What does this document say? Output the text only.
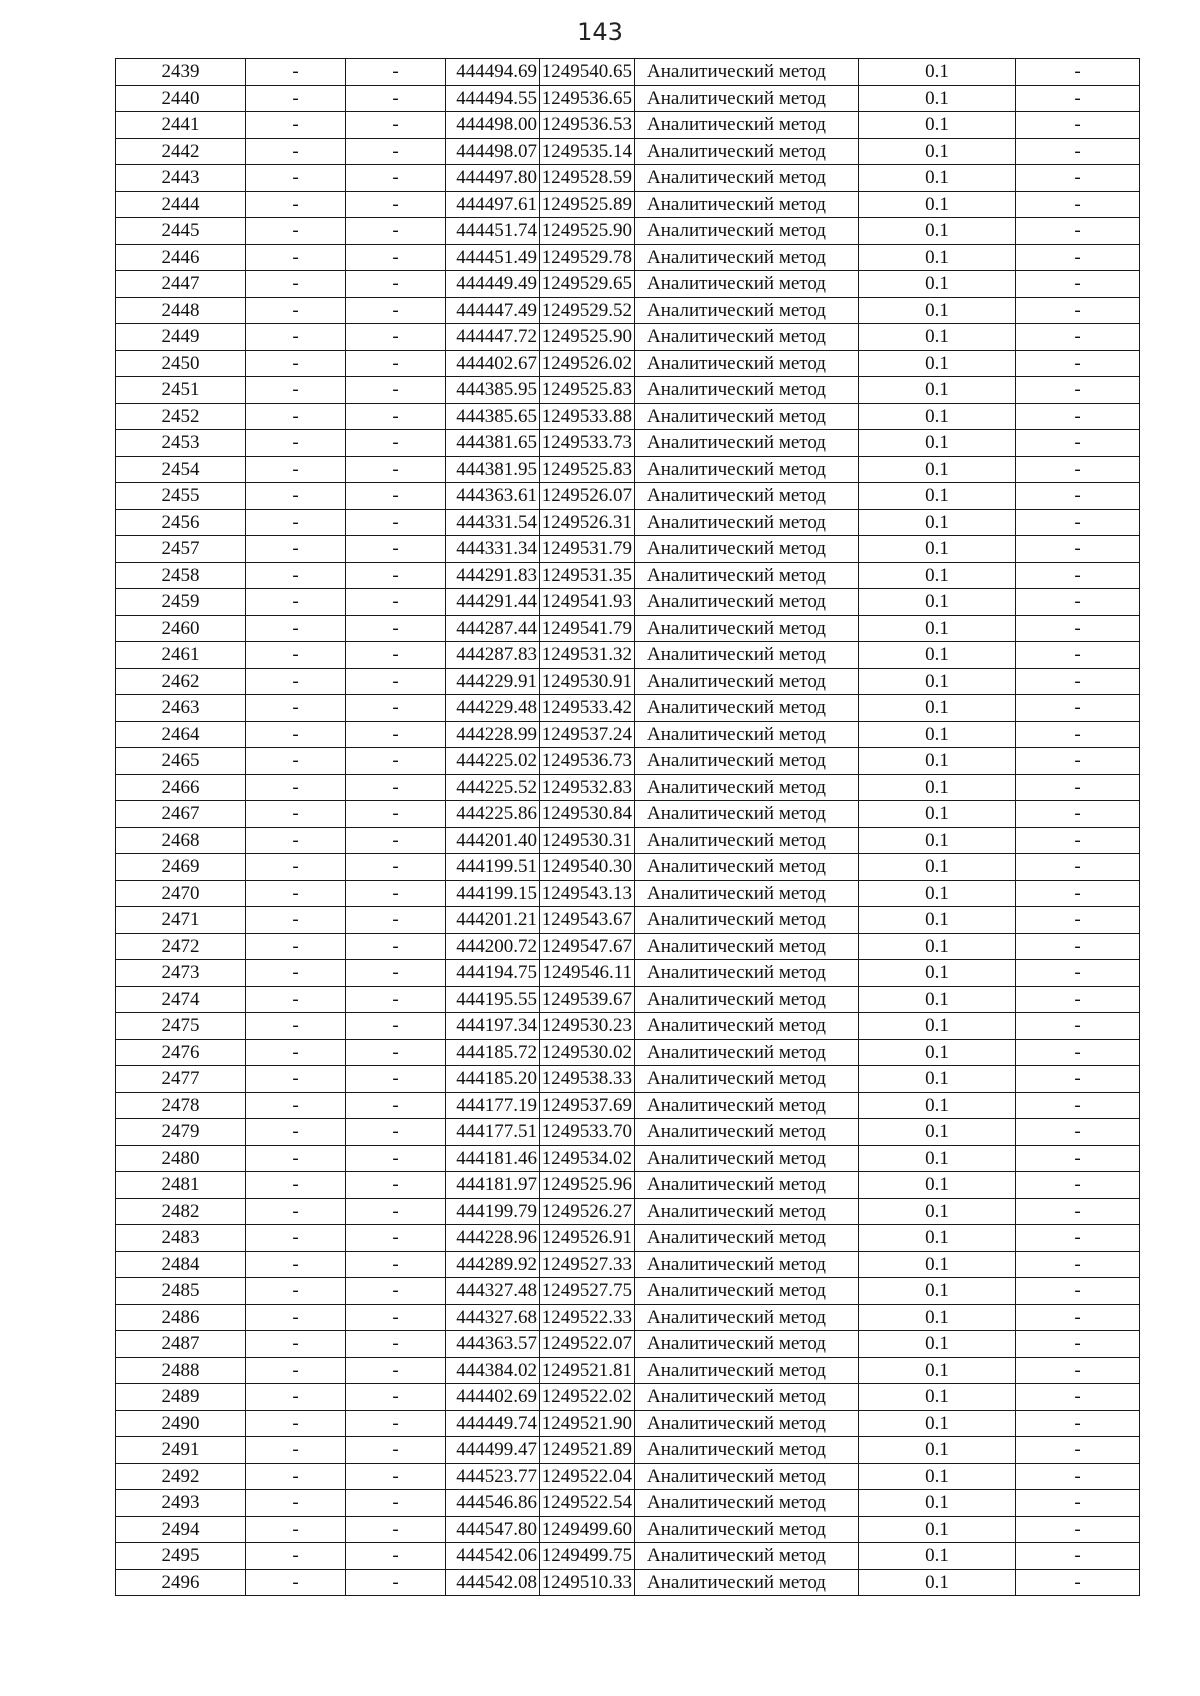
143
2439	-	-	444494.69	1249540.65	Аналитический метод	0.1	-
2440	-	-	444494.55	1249536.65	Аналитический метод	0.1	-
2441	-	-	444498.00	1249536.53	Аналитический метод	0.1	-
2442	-	-	444498.07	1249535.14	Аналитический метод	0.1	-
2443	-	-	444497.80	1249528.59	Аналитический метод	0.1	-
2444	-	-	444497.61	1249525.89	Аналитический метод	0.1	-
2445	-	-	444451.74	1249525.90	Аналитический метод	0.1	-
2446	-	-	444451.49	1249529.78	Аналитический метод	0.1	-
2447	-	-	444449.49	1249529.65	Аналитический метод	0.1	-
2448	-	-	444447.49	1249529.52	Аналитический метод	0.1	-
2449	-	-	444447.72	1249525.90	Аналитический метод	0.1	-
2450	-	-	444402.67	1249526.02	Аналитический метод	0.1	-
2451	-	-	444385.95	1249525.83	Аналитический метод	0.1	-
2452	-	-	444385.65	1249533.88	Аналитический метод	0.1	-
2453	-	-	444381.65	1249533.73	Аналитический метод	0.1	-
2454	-	-	444381.95	1249525.83	Аналитический метод	0.1	-
2455	-	-	444363.61	1249526.07	Аналитический метод	0.1	-
2456	-	-	444331.54	1249526.31	Аналитический метод	0.1	-
2457	-	-	444331.34	1249531.79	Аналитический метод	0.1	-
2458	-	-	444291.83	1249531.35	Аналитический метод	0.1	-
2459	-	-	444291.44	1249541.93	Аналитический метод	0.1	-
2460	-	-	444287.44	1249541.79	Аналитический метод	0.1	-
2461	-	-	444287.83	1249531.32	Аналитический метод	0.1	-
2462	-	-	444229.91	1249530.91	Аналитический метод	0.1	-
2463	-	-	444229.48	1249533.42	Аналитический метод	0.1	-
2464	-	-	444228.99	1249537.24	Аналитический метод	0.1	-
2465	-	-	444225.02	1249536.73	Аналитический метод	0.1	-
2466	-	-	444225.52	1249532.83	Аналитический метод	0.1	-
2467	-	-	444225.86	1249530.84	Аналитический метод	0.1	-
2468	-	-	444201.40	1249530.31	Аналитический метод	0.1	-
2469	-	-	444199.51	1249540.30	Аналитический метод	0.1	-
2470	-	-	444199.15	1249543.13	Аналитический метод	0.1	-
2471	-	-	444201.21	1249543.67	Аналитический метод	0.1	-
2472	-	-	444200.72	1249547.67	Аналитический метод	0.1	-
2473	-	-	444194.75	1249546.11	Аналитический метод	0.1	-
2474	-	-	444195.55	1249539.67	Аналитический метод	0.1	-
2475	-	-	444197.34	1249530.23	Аналитический метод	0.1	-
2476	-	-	444185.72	1249530.02	Аналитический метод	0.1	-
2477	-	-	444185.20	1249538.33	Аналитический метод	0.1	-
2478	-	-	444177.19	1249537.69	Аналитический метод	0.1	-
2479	-	-	444177.51	1249533.70	Аналитический метод	0.1	-
2480	-	-	444181.46	1249534.02	Аналитический метод	0.1	-
2481	-	-	444181.97	1249525.96	Аналитический метод	0.1	-
2482	-	-	444199.79	1249526.27	Аналитический метод	0.1	-
2483	-	-	444228.96	1249526.91	Аналитический метод	0.1	-
2484	-	-	444289.92	1249527.33	Аналитический метод	0.1	-
2485	-	-	444327.48	1249527.75	Аналитический метод	0.1	-
2486	-	-	444327.68	1249522.33	Аналитический метод	0.1	-
2487	-	-	444363.57	1249522.07	Аналитический метод	0.1	-
2488	-	-	444384.02	1249521.81	Аналитический метод	0.1	-
2489	-	-	444402.69	1249522.02	Аналитический метод	0.1	-
2490	-	-	444449.74	1249521.90	Аналитический метод	0.1	-
2491	-	-	444499.47	1249521.89	Аналитический метод	0.1	-
2492	-	-	444523.77	1249522.04	Аналитический метод	0.1	-
2493	-	-	444546.86	1249522.54	Аналитический метод	0.1	-
2494	-	-	444547.80	1249499.60	Аналитический метод	0.1	-
2495	-	-	444542.06	1249499.75	Аналитический метод	0.1	-
2496	-	-	444542.08	1249510.33	Аналитический метод	0.1	-
